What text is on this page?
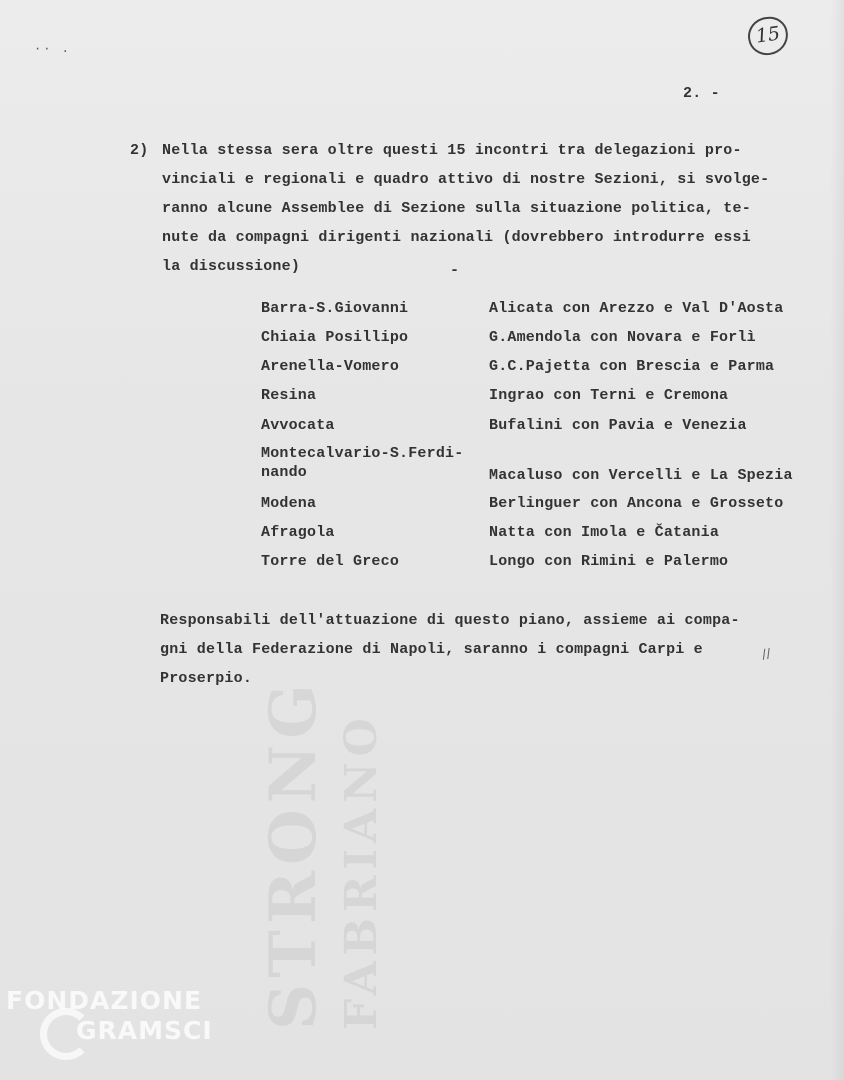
STRONG FABRIANO
·· .
15
2. -
2) Nella stessa sera oltre questi 15 incontri tra delegazioni pro-
vinciali e regionali e quadro attivo di nostre Sezioni, si svolge-
ranno alcune Assemblee di Sezione sulla situazione politica, te-
nute da compagni dirigenti nazionali (dovrebbero introdurre essi
la discussione)	-
Barra-S.Giovanni	Alicata con Arezzo e Val D'Aosta
Chiaia Posillipo	G.Amendola con Novara e Forlì
Arenella-Vomero	G.C.Pajetta con Brescia e Parma
Resina	Ingrao con Terni e Cremona
Avvocata	Bufalini con Pavia e Venezia
Montecalvario-S.Ferdi-
nando	Macaluso con Vercelli e La Spezia
Modena	Berlinguer con Ancona e Grosseto
Afragola	Natta con Imola e Čatania
Torre del Greco	Longo con Rimini e Palermo
Responsabili dell'attuazione di questo piano, assieme ai compa-
gni della Federazione di Napoli, saranno i compagni Carpi e
Proserpio.
//
FONDAZIONE
GRAMSCI
